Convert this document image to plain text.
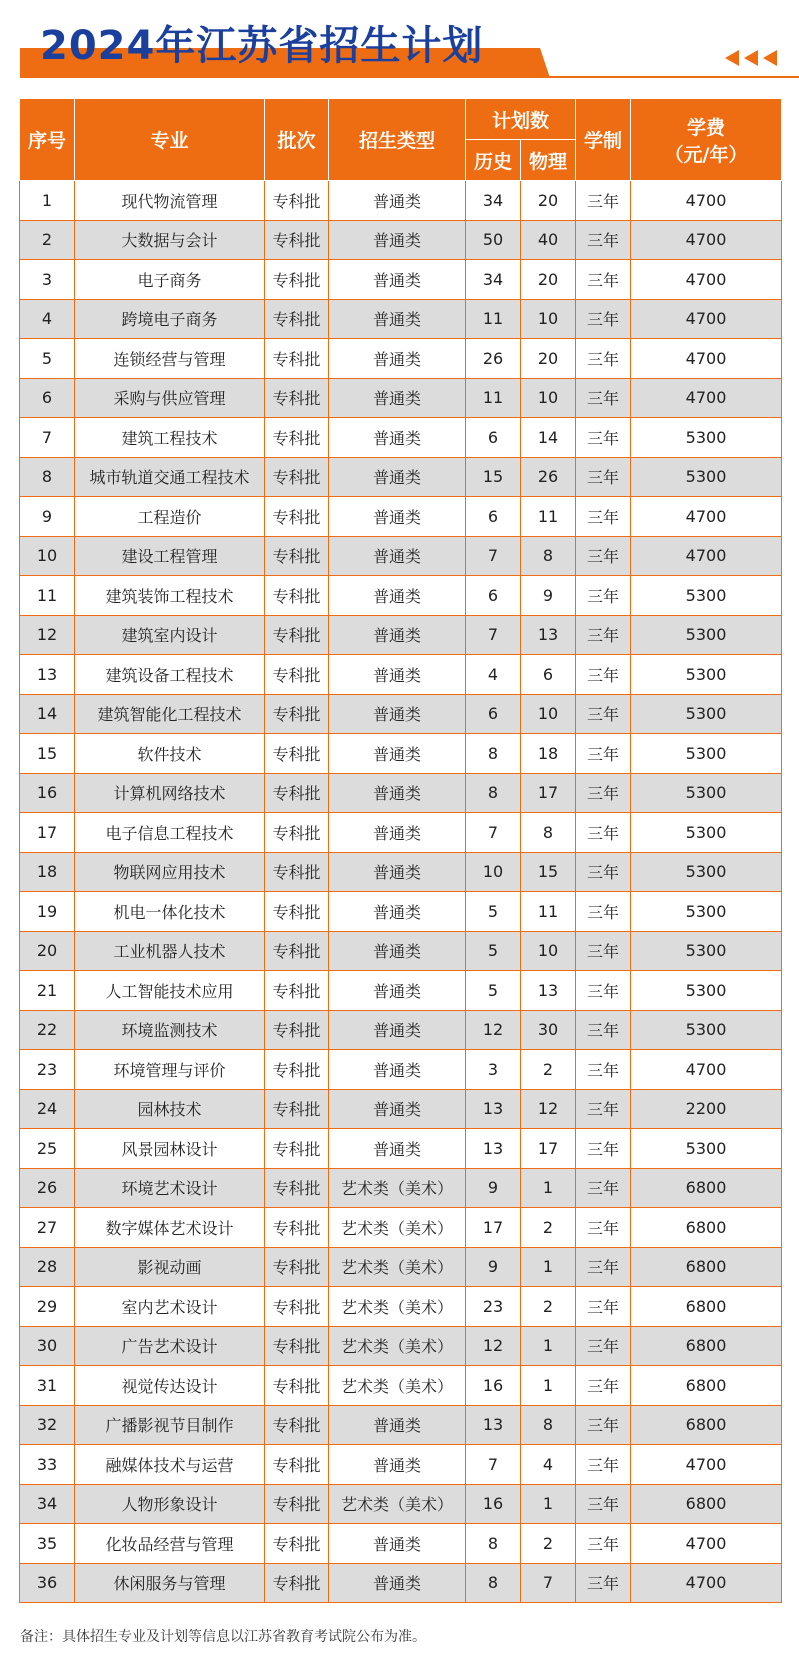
2024年江苏省招生计划
序号	专业	批次	招生类型	计划数		学制	学费
（元/年）

				历史	物理		
1	现代物流管理	专科批	普通类	34	20	三年	4700
2	大数据与会计	专科批	普通类	50	40	三年	4700
3	电子商务	专科批	普通类	34	20	三年	4700
4	跨境电子商务	专科批	普通类	11	10	三年	4700
5	连锁经营与管理	专科批	普通类	26	20	三年	4700
6	采购与供应管理	专科批	普通类	11	10	三年	4700
7	建筑工程技术	专科批	普通类	6	14	三年	5300
8	城市轨道交通工程技术	专科批	普通类	15	26	三年	5300
9	工程造价	专科批	普通类	6	11	三年	4700
10	建设工程管理	专科批	普通类	7	8	三年	4700
11	建筑装饰工程技术	专科批	普通类	6	9	三年	5300
12	建筑室内设计	专科批	普通类	7	13	三年	5300
13	建筑设备工程技术	专科批	普通类	4	6	三年	5300
14	建筑智能化工程技术	专科批	普通类	6	10	三年	5300
15	软件技术	专科批	普通类	8	18	三年	5300
16	计算机网络技术	专科批	普通类	8	17	三年	5300
17	电子信息工程技术	专科批	普通类	7	8	三年	5300
18	物联网应用技术	专科批	普通类	10	15	三年	5300
19	机电一体化技术	专科批	普通类	5	11	三年	5300
20	工业机器人技术	专科批	普通类	5	10	三年	5300
21	人工智能技术应用	专科批	普通类	5	13	三年	5300
22	环境监测技术	专科批	普通类	12	30	三年	5300
23	环境管理与评价	专科批	普通类	3	2	三年	4700
24	园林技术	专科批	普通类	13	12	三年	2200
25	风景园林设计	专科批	普通类	13	17	三年	5300
26	环境艺术设计	专科批	艺术类（美术）	9	1	三年	6800
27	数字媒体艺术设计	专科批	艺术类（美术）	17	2	三年	6800
28	影视动画	专科批	艺术类（美术）	9	1	三年	6800
29	室内艺术设计	专科批	艺术类（美术）	23	2	三年	6800
30	广告艺术设计	专科批	艺术类（美术）	12	1	三年	6800
31	视觉传达设计	专科批	艺术类（美术）	16	1	三年	6800
32	广播影视节目制作	专科批	普通类	13	8	三年	6800
33	融媒体技术与运营	专科批	普通类	7	4	三年	4700
34	人物形象设计	专科批	艺术类（美术）	16	1	三年	6800
35	化妆品经营与管理	专科批	普通类	8	2	三年	4700
36	休闲服务与管理	专科批	普通类	8	7	三年	4700
备注：具体招生专业及计划等信息以江苏省教育考试院公布为准。
